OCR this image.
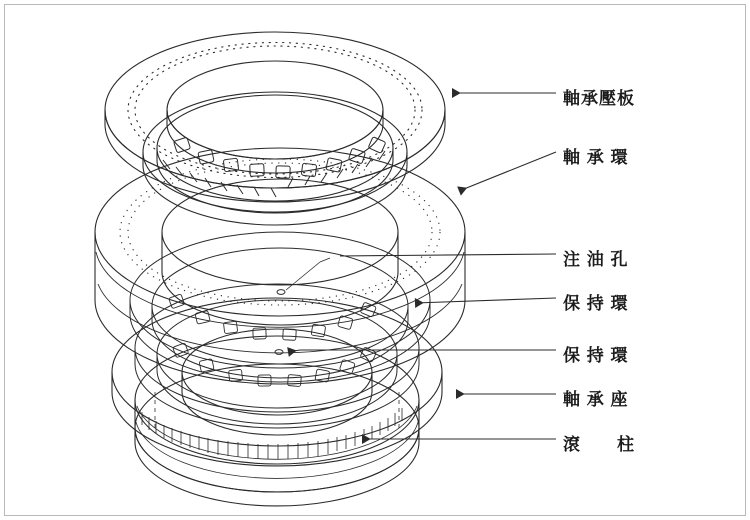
軸承壓板
軸 承 環
注 油 孔
保 持 環
保 持 環
軸 承 座
滾　　柱
